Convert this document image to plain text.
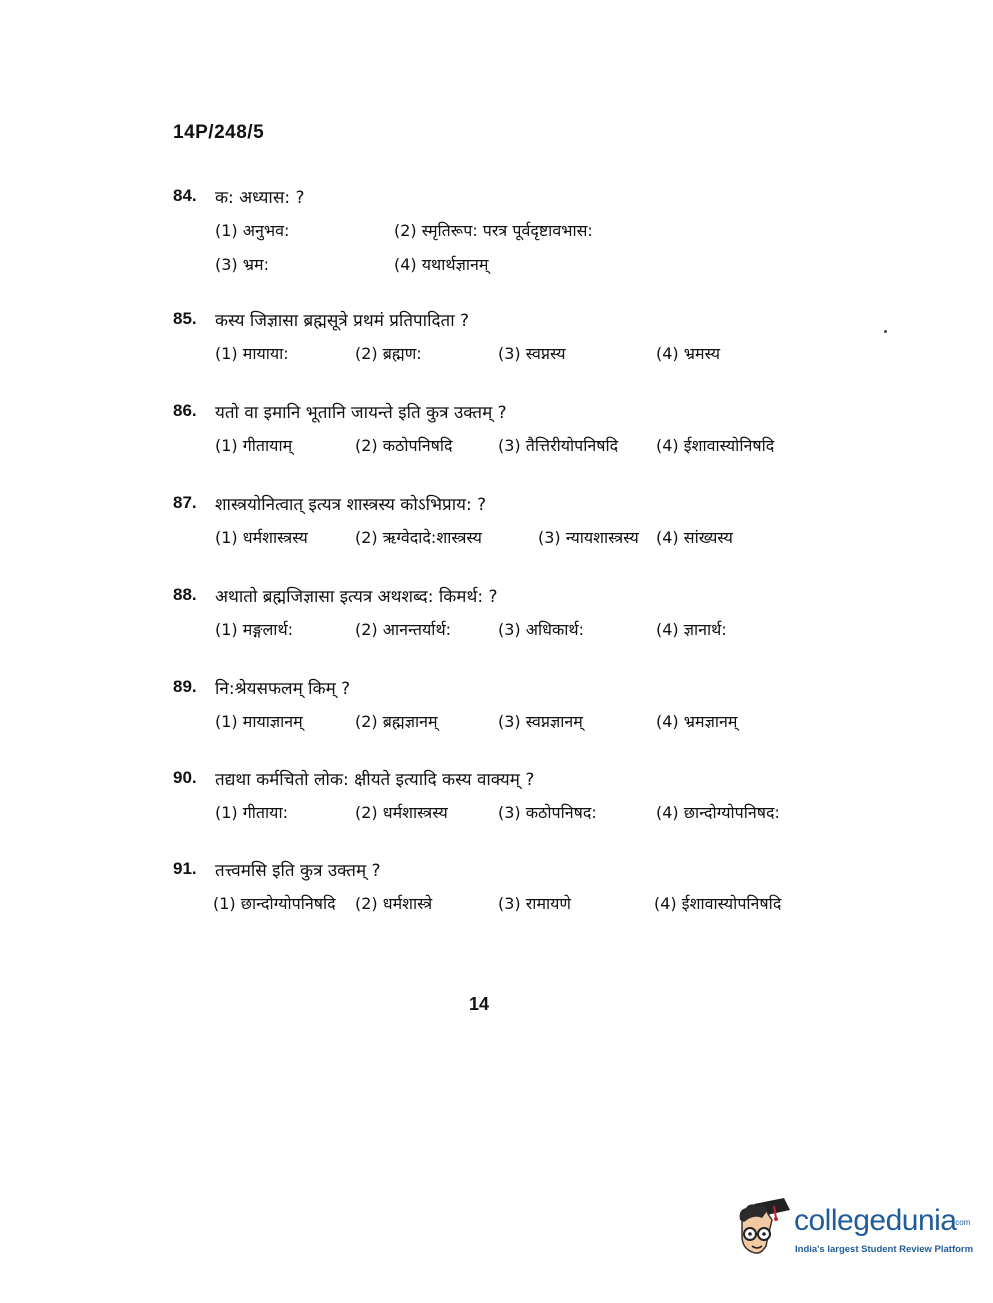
14P/248/5
84.	क: अध्यास: ?
(1) अनुभव:	(2) स्मृतिरूप: परत्र पूर्वदृष्टावभास:
(3) भ्रम:	(4) यथार्थज्ञानम्
85.	कस्य जिज्ञासा ब्रह्मसूत्रे प्रथमं प्रतिपादिता ?
(1) मायाया:	(2) ब्रह्मण:	(3) स्वप्नस्य	(4) भ्रमस्य
86.	यतो वा इमानि भूतानि जायन्ते इति कुत्र उक्तम् ?
(1) गीतायाम्	(2) कठोपनिषदि	(3) तैत्तिरीयोपनिषदि (4) ईशावास्योनिषदि
87.	शास्त्रयोनित्वात् इत्यत्र शास्त्रस्य कोऽभिप्राय: ?
(1) धर्मशास्त्रस्य	(2) ऋग्वेदादे:शास्त्रस्य	(3) न्यायशास्त्रस्य (4) सांख्यस्य
88.	अथातो ब्रह्मजिज्ञासा इत्यत्र अथशब्द: किमर्थ: ?
(1) मङ्गलार्थ:	(2) आनन्तर्यार्थ:	(3) अधिकार्थ:	(4) ज्ञानार्थ:
89.	नि:श्रेयसफलम् किम् ?
(1) मायाज्ञानम्	(2) ब्रह्मज्ञानम्	(3) स्वप्नज्ञानम्	(4) भ्रमज्ञानम्
90.	तद्यथा कर्मचितो लोक: क्षीयते इत्यादि कस्य वाक्यम् ?
(1) गीताया:	(2) धर्मशास्त्रस्य	(3) कठोपनिषद:	(4) छान्दोग्योपनिषद:
91.	तत्त्वमसि इति कुत्र उक्तम् ?
(1) छान्दोग्योपनिषदि (2) धर्मशास्त्रे	(3) रामायणे	(4) ईशावास्योपनिषदि
14
collegedunia
.com
India's largest Student Review Platform
